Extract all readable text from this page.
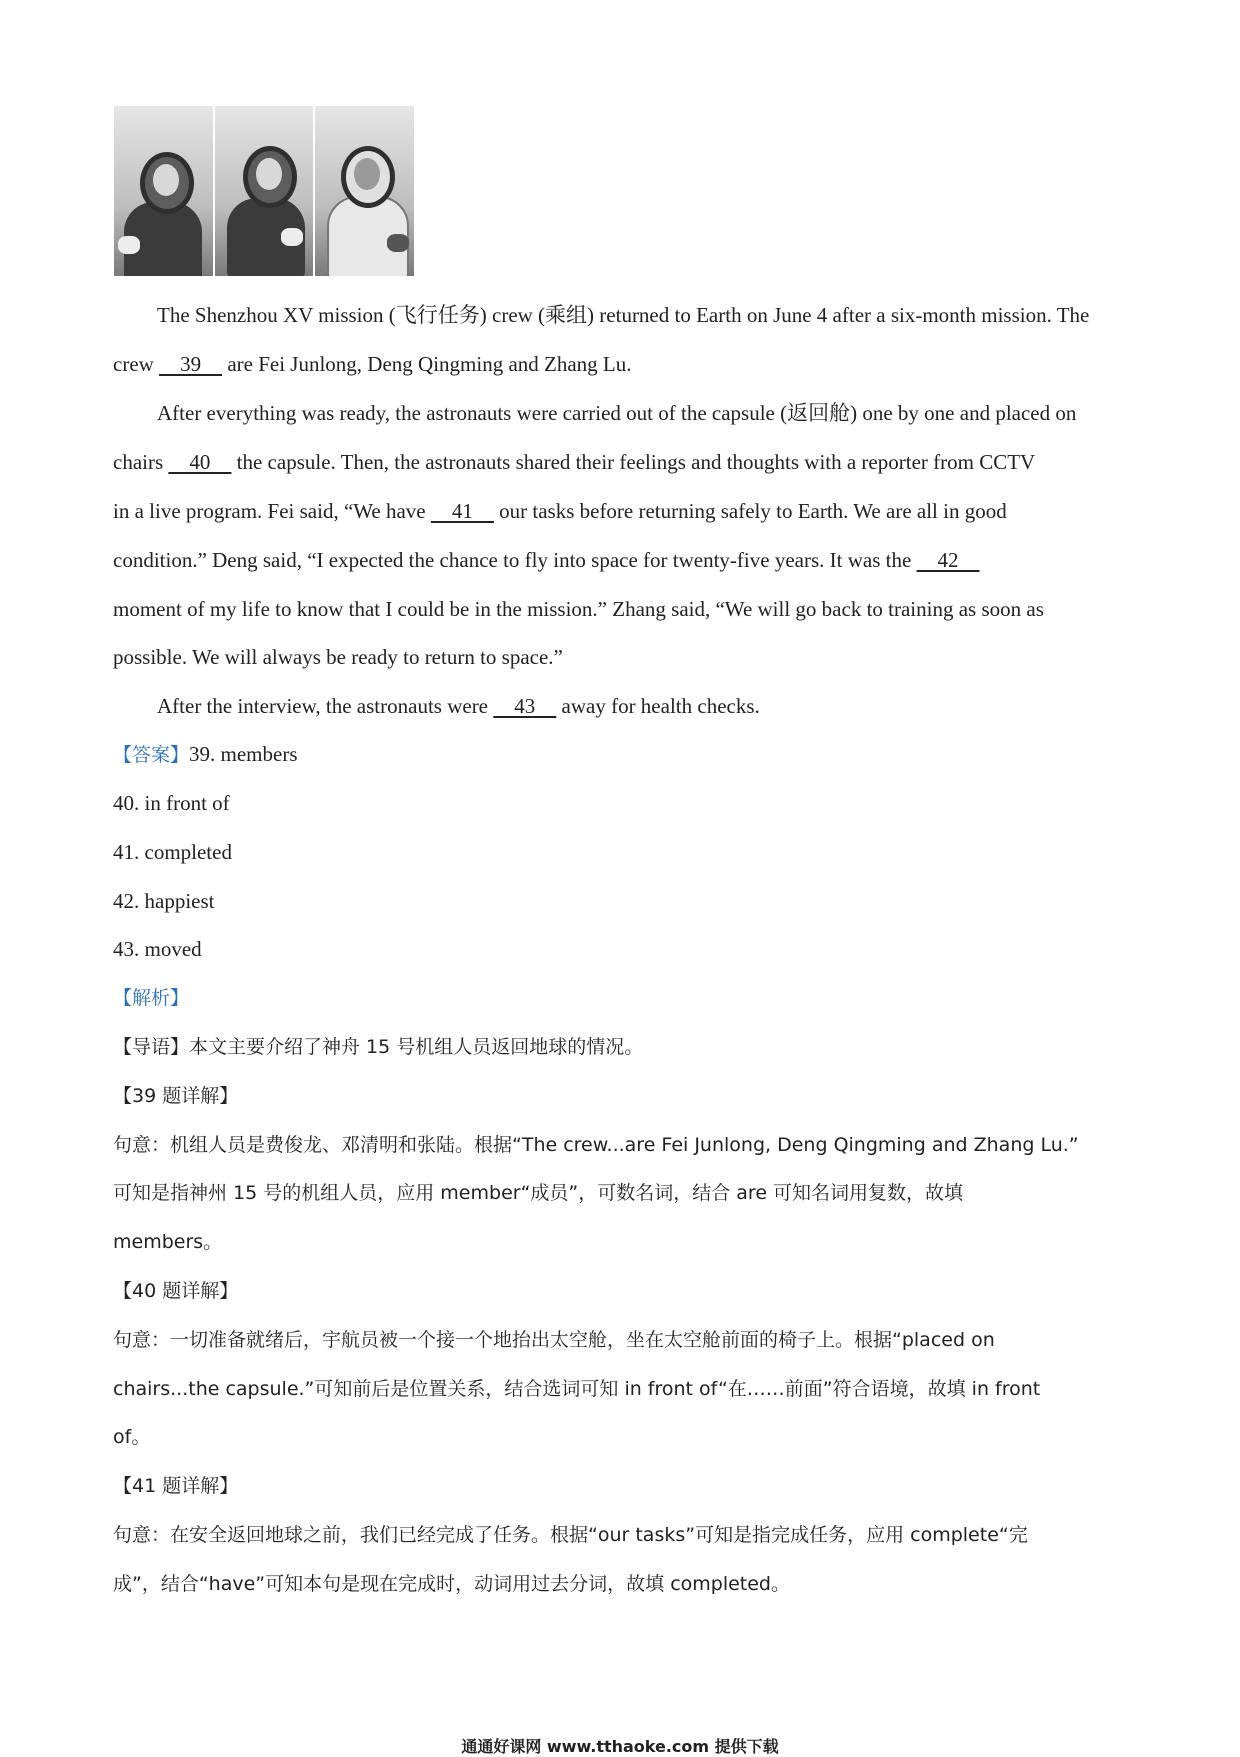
The Shenzhou XV mission (飞行任务) crew (乘组) returned to Earth on June 4 after a six-month mission. The
crew     39     are Fei Junlong, Deng Qingming and Zhang Lu.
After everything was ready, the astronauts were carried out of the capsule (返回舱) one by one and placed on
chairs     40     the capsule. Then, the astronauts shared their feelings and thoughts with a reporter from CCTV
in a live program. Fei said, “We have     41     our tasks before returning safely to Earth. We are all in good
condition.” Deng said, “I expected the chance to fly into space for twenty-five years. It was the     42
moment of my life to know that I could be in the mission.” Zhang said, “We will go back to training as soon as
possible. We will always be ready to return to space.”
After the interview, the astronauts were     43     away for health checks.
【答案】39. members
40. in front of
41. completed
42. happiest
43. moved
【解析】
【导语】本文主要介绍了神舟 15 号机组人员返回地球的情况。
【39 题详解】
句意：机组人员是费俊龙、邓清明和张陆。根据“The crew...are Fei Junlong, Deng Qingming and Zhang Lu.”
可知是指神州 15 号的机组人员，应用 member“成员”，可数名词，结合 are 可知名词用复数，故填
members。
【40 题详解】
句意：一切准备就绪后，宇航员被一个接一个地抬出太空舱，坐在太空舱前面的椅子上。根据“placed on
chairs...the capsule.”可知前后是位置关系，结合选词可知 in front of“在……前面”符合语境，故填 in front
of。
【41 题详解】
句意：在安全返回地球之前，我们已经完成了任务。根据“our tasks”可知是指完成任务，应用 complete“完
成”，结合“have”可知本句是现在完成时，动词用过去分词，故填 completed。
通通好课网 www.tthaoke.com 提供下载
